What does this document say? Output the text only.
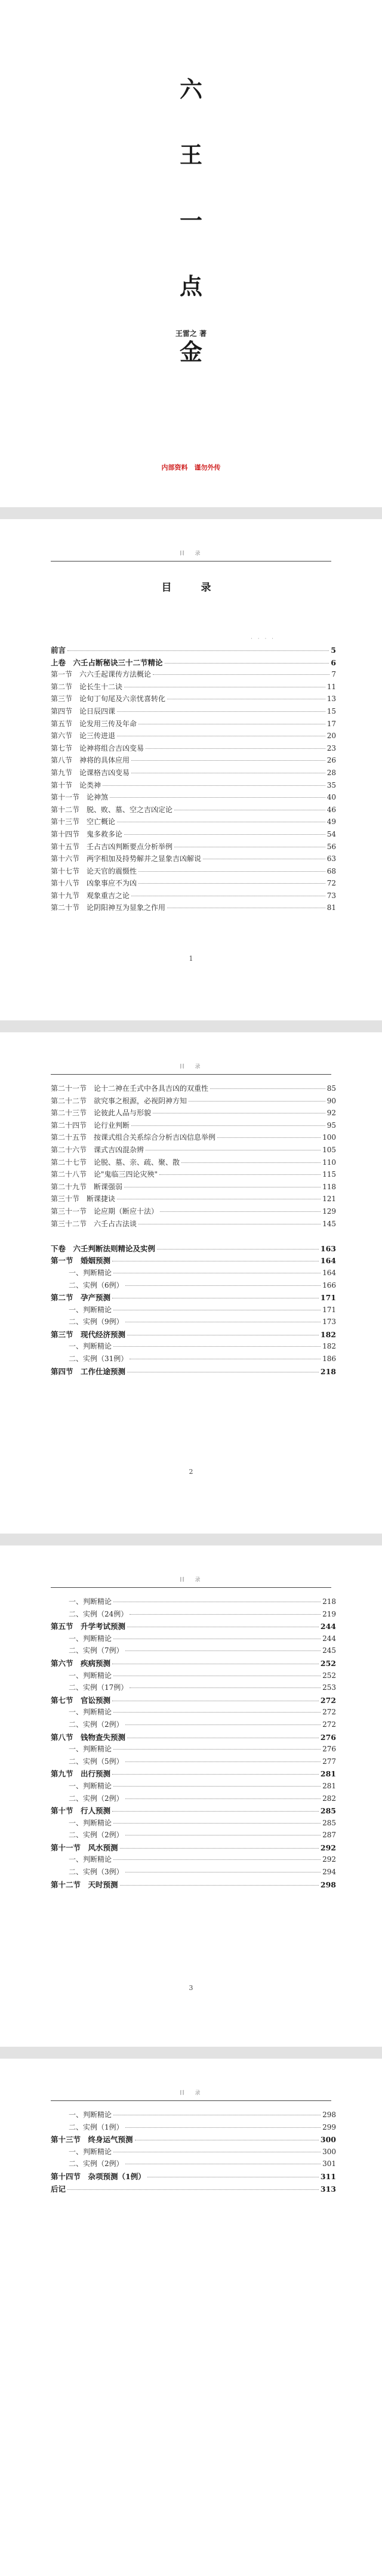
六
王
一
点
金
王雷之 著
内部资料　谨勿外传
目　录
目　录
· · · ·
前言	5
上卷　六壬占断秘诀三十二节精论	6
第一节　六六壬起课传方法概论	7
第二节　论长生十二诀	11
第三节　论旬丁旬尾及六亲忧喜转化	13
第四节　论日辰四课	15
第五节　论发用三传及年命	17
第六节　论三传进退	20
第七节　论神将组合吉凶变易	23
第八节　神将的具体应用	26
第九节　论课格吉凶变易	28
第十节　论类神	35
第十一节　论神煞	40
第十二节　脱、败、墓、空之吉凶定论	46
第十三节　空亡概论	49
第十四节　鬼多救多论	54
第十五节　壬占吉凶判断要点分析举例	56
第十六节　两字相加及持势解并之显象吉凶解说	63
第十七节　论天官的震慑性	68
第十八节　凶象事应不为凶	72
第十九节　观象重吉之论	73
第二十节　论阴阳神互为显象之作用	81
1
目　录
第二十一节　论十二神在壬式中各具吉凶的双重性	85
第二十二节　欲究事之根源，必视阴神方知	90
第二十三节　论彼此人品与形貌	92
第二十四节　论行业判断	95
第二十五节　按课式组合关系综合分析吉凶信息举例	100
第二十六节　课式吉凶混杂辨	105
第二十七节　论脱、墓、亲、疏、聚、散	110
第二十八节　论"鬼临三四论灾殃"	115
第二十九节　断课强弱	118
第三十节　断课捷诀	121
第三十一节　论应期（断应十法）	129
第三十二节　六壬占古法谈	145
下卷　六壬判断法则精论及实例	163
第一节　婚姻预测	164
一、判断精论	164
二、实例（6例）	166
第二节　孕产预测	171
一、判断精论	171
二、实例（9例）	173
第三节　现代经济预测	182
一、判断精论	182
二、实例（31例）	186
第四节　工作仕途预测	218
2
目　录
一、判断精论	218
二、实例（24例）	219
第五节　升学考试预测	244
一、判断精论	244
二、实例（7例）	245
第六节　疾病预测	252
一、判断精论	252
二、实例（17例）	253
第七节　官讼预测	272
一、判断精论	272
二、实例（2例）	272
第八节　钱物查失预测	276
一、判断精论	276
二、实例（5例）	277
第九节　出行预测	281
一、判断精论	281
二、实例（2例）	282
第十节　行人预测	285
一、判断精论	285
二、实例（2例）	287
第十一节　风水预测	292
一、判断精论	292
二、实例（3例）	294
第十二节　天时预测	298
3
目　录
一、判断精论	298
二、实例（1例）	299
第十三节　终身运气预测	300
一、判断精论	300
二、实例（2例）	301
第十四节　杂项预测（1例）	311
后记	313
